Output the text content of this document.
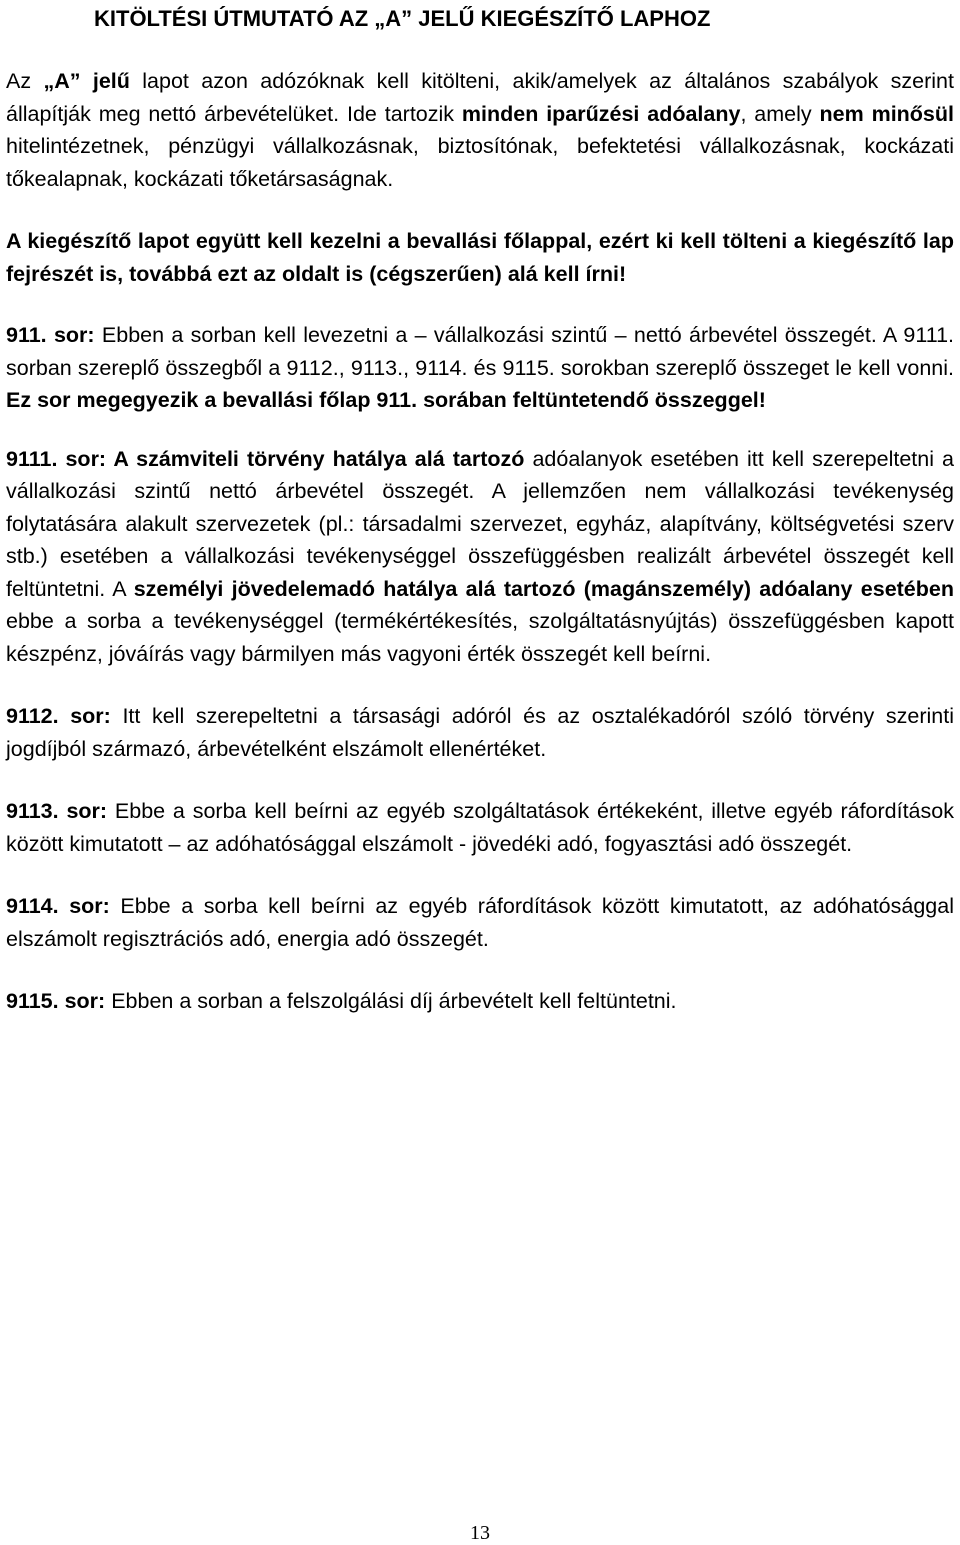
KITÖLTÉSI ÚTMUTATÓ AZ „A” JELŰ KIEGÉSZÍTŐ LAPHOZ

Az „A” jelű lapot azon adózóknak kell kitölteni, akik/amelyek az általános szabályok szerint állapítják meg nettó árbevételüket. Ide tartozik minden iparűzési adóalany, amely nem minősül hitelintézetnek, pénzügyi vállalkozásnak, biztosítónak, befektetési vállalkozásnak, kockázati tőkealapnak, kockázati tőketársaságnak.

A kiegészítő lapot együtt kell kezelni a bevallási főlappal, ezért ki kell tölteni a kiegészítő lap fejrészét is, továbbá ezt az oldalt is (cégszerűen) alá kell írni!

911. sor: Ebben a sorban kell levezetni a – vállalkozási szintű – nettó árbevétel összegét. A 9111. sorban szereplő összegből a 9112., 9113., 9114. és 9115. sorokban szereplő összeget le kell vonni. Ez sor megegyezik a bevallási főlap 911. sorában feltüntetendő összeggel!

9111. sor: A számviteli törvény hatálya alá tartozó adóalanyok esetében itt kell szerepeltetni a vállalkozási szintű nettó árbevétel összegét. A jellemzően nem vállalkozási tevékenység folytatására alakult szervezetek (pl.: társadalmi szervezet, egyház, alapítvány, költségvetési szerv stb.) esetében a vállalkozási tevékenységgel összefüggésben realizált árbevétel összegét kell feltüntetni. A személyi jövedelemadó hatálya alá tartozó (magánszemély) adóalany esetében ebbe a sorba a tevékenységgel (termékértékesítés, szolgáltatásnyújtás) összefüggésben kapott készpénz, jóváírás vagy bármilyen más vagyoni érték összegét kell beírni.

9112. sor: Itt kell szerepeltetni a társasági adóról és az osztalékadóról szóló törvény szerinti jogdíjból származó, árbevételként elszámolt ellenértéket.

9113. sor: Ebbe a sorba kell beírni az egyéb szolgáltatások értékeként, illetve egyéb ráfordítások között kimutatott – az adóhatósággal elszámolt - jövedéki adó, fogyasztási adó összegét.

9114. sor: Ebbe a sorba kell beírni az egyéb ráfordítások között kimutatott, az adóhatósággal elszámolt regisztrációs adó, energia adó összegét.

9115. sor: Ebben a sorban a felszolgálási díj árbevételt kell feltüntetni.

13
